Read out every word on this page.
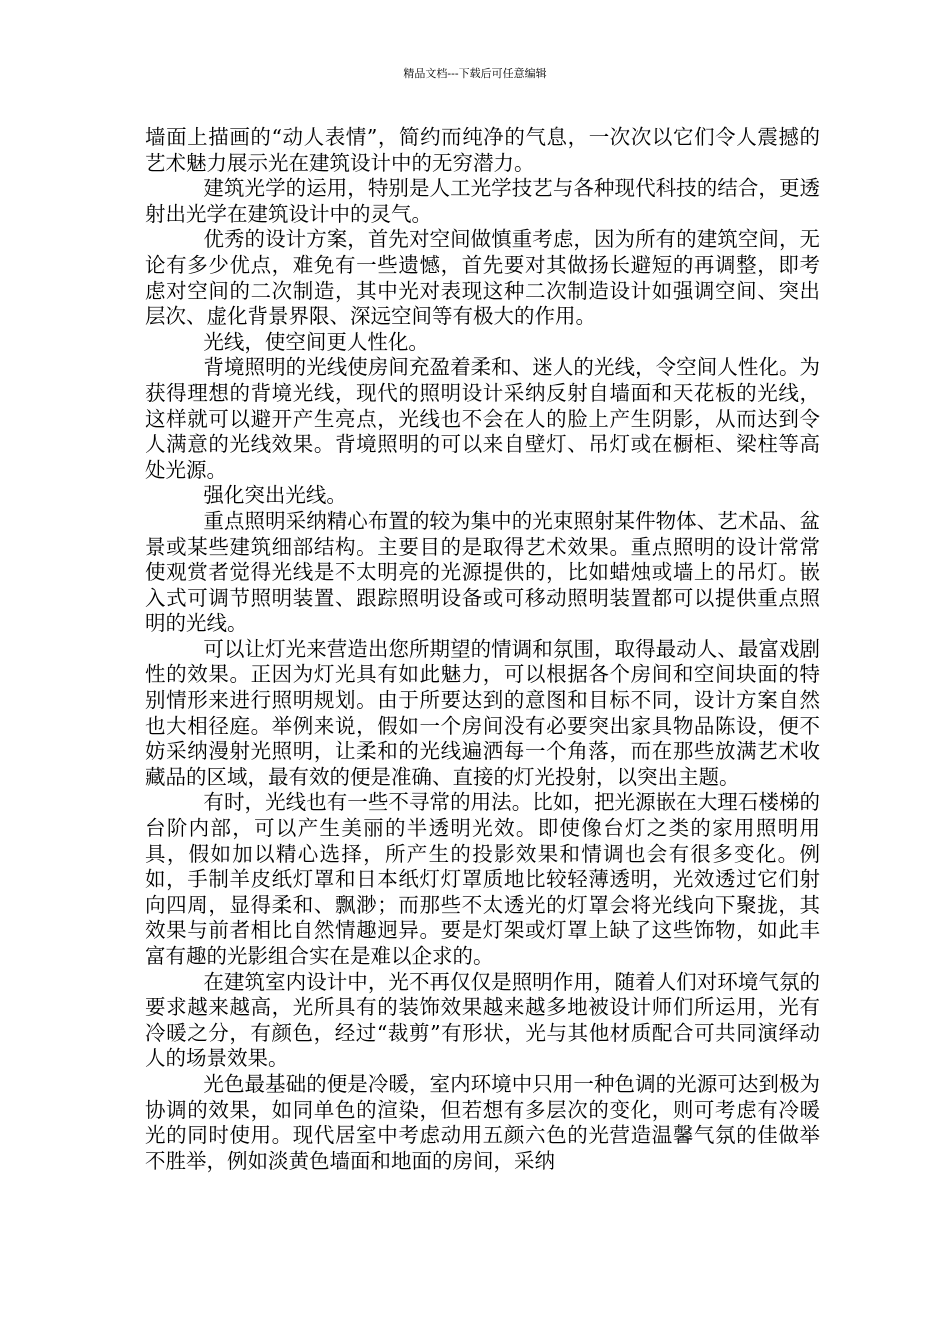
精品文档---下载后可任意编辑

墙面上描画的“动人表情”，简约而纯净的气息，一次次以它们令人震撼的艺术魅力展示光在建筑设计中的无穷潜力。

建筑光学的运用，特别是人工光学技艺与各种现代科技的结合，更透射出光学在建筑设计中的灵气。

优秀的设计方案，首先对空间做慎重考虑，因为所有的建筑空间，无论有多少优点，难免有一些遗憾，首先要对其做扬长避短的再调整，即考虑对空间的二次制造，其中光对表现这种二次制造设计如强调空间、突出层次、虚化背景界限、深远空间等有极大的作用。

光线，使空间更人性化。

背境照明的光线使房间充盈着柔和、迷人的光线，令空间人性化。为获得理想的背境光线，现代的照明设计采纳反射自墙面和天花板的光线，这样就可以避开产生亮点，光线也不会在人的脸上产生阴影，从而达到令人满意的光线效果。背境照明的可以来自壁灯、吊灯或在橱柜、梁柱等高处光源。

强化突出光线。

重点照明采纳精心布置的较为集中的光束照射某件物体、艺术品、盆景或某些建筑细部结构。主要目的是取得艺术效果。重点照明的设计常常使观赏者觉得光线是不太明亮的光源提供的，比如蜡烛或墙上的吊灯。嵌入式可调节照明装置、跟踪照明设备或可移动照明装置都可以提供重点照明的光线。

可以让灯光来营造出您所期望的情调和氛围，取得最动人、最富戏剧性的效果。正因为灯光具有如此魅力，可以根据各个房间和空间块面的特别情形来进行照明规划。由于所要达到的意图和目标不同，设计方案自然也大相径庭。举例来说，假如一个房间没有必要突出家具物品陈设，便不妨采纳漫射光照明，让柔和的光线遍洒每一个角落，而在那些放满艺术收藏品的区域，最有效的便是准确、直接的灯光投射，以突出主题。

有时，光线也有一些不寻常的用法。比如，把光源嵌在大理石楼梯的台阶内部，可以产生美丽的半透明光效。即使像台灯之类的家用照明用具，假如加以精心选择，所产生的投影效果和情调也会有很多变化。例如，手制羊皮纸灯罩和日本纸灯灯罩质地比较轻薄透明，光效透过它们射向四周，显得柔和、飘渺；而那些不太透光的灯罩会将光线向下聚拢，其效果与前者相比自然情趣迥异。要是灯架或灯罩上缺了这些饰物，如此丰富有趣的光影组合实在是难以企求的。

在建筑室内设计中，光不再仅仅是照明作用，随着人们对环境气氛的要求越来越高，光所具有的装饰效果越来越多地被设计师们所运用，光有冷暖之分，有颜色，经过“裁剪”有形状，光与其他材质配合可共同演绎动人的场景效果。

光色最基础的便是冷暖，室内环境中只用一种色调的光源可达到极为协调的效果，如同单色的渲染，但若想有多层次的变化，则可考虑有冷暖光的同时使用。现代居室中考虑动用五颜六色的光营造温馨气氛的佳做举不胜举，例如淡黄色墙面和地面的房间，采纳
